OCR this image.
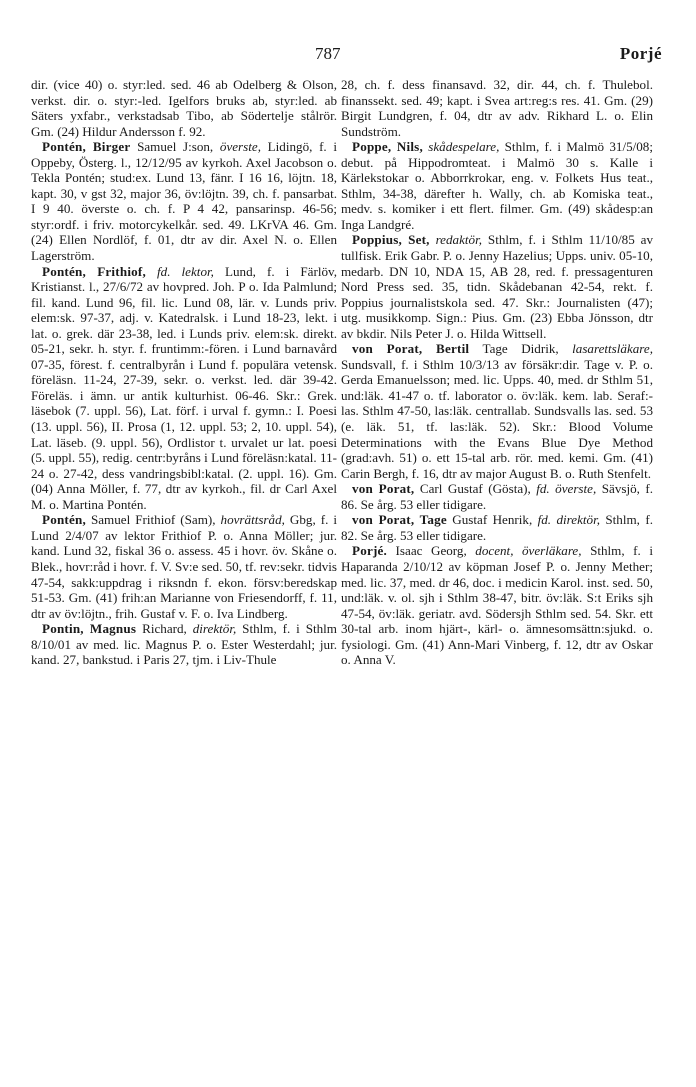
787	Porjé

dir. (vice 40) o. styr:led. sed. 46 ab Odelberg & Olson, verkst. dir. o. styr:-led. Igelfors bruks ab, styr:led. ab Säters yxfabr., verkstadsab Tibo, ab Södertelje stålrör. Gm. (24) Hildur Andersson f. 92.

Pontén, Birger Samuel J:son, överste, Lidingö, f. i Oppeby, Österg. l., 12/12/95 av kyrkoh. Axel Jacobson o. Tekla Pontén; stud:ex. Lund 13, fänr. I 16 16, löjtn. 18, kapt. 30, v gst 32, major 36, öv:löjtn. 39, ch. f. pansarbat. I 9 40. överste o. ch. f. P 4 42, pansarinsp. 46-56; styr:ordf. i friv. motorcykelkår. sed. 49. LKrVA 46. Gm. (24) Ellen Nordlöf, f. 01, dtr av dir. Axel N. o. Ellen Lagerström.

Pontén, Frithiof, fd. lektor, Lund, f. i Färlöv, Kristianst. l., 27/6/72 av hovpred. Joh. P o. Ida Palmlund; fil. kand. Lund 96, fil. lic. Lund 08, lär. v. Lunds priv. elem:sk. 97-37, adj. v. Katedralsk. i Lund 18-23, lekt. i lat. o. grek. där 23-38, led. i Lunds priv. elem:sk. direkt. 05-21, sekr. h. styr. f. fruntimm:-fören. i Lund barnavård 07-35, förest. f. centralbyrån i Lund f. populära vetensk. föreläsn. 11-24, 27-39, sekr. o. verkst. led. där 39-42. Föreläs. i ämn. ur antik kulturhist. 06-46. Skr.: Grek. läsebok (7. uppl. 56), Lat. förf. i urval f. gymn.: I. Poesi (13. uppl. 56), II. Prosa (1, 12. uppl. 53; 2, 10. uppl. 54), Lat. läseb. (9. uppl. 56), Ordlistor t. urvalet ur lat. poesi (5. uppl. 55), redig. centr:byråns i Lund föreläsn:katal. 11-24 o. 27-42, dess vandringsbibl:katal. (2. uppl. 16). Gm. (04) Anna Möller, f. 77, dtr av kyrkoh., fil. dr Carl Axel M. o. Martina Pontén.

Pontén, Samuel Frithiof (Sam), hovrättsråd, Gbg, f. i Lund 2/4/07 av lektor Frithiof P. o. Anna Möller; jur. kand. Lund 32, fiskal 36 o. assess. 45 i hovr. öv. Skåne o. Blek., hovr:råd i hovr. f. V. Sv:e sed. 50, tf. rev:sekr. tidvis 47-54, sakk:uppdrag i riksndn f. ekon. försv:beredskap 51-53. Gm. (41) frih:an Marianne von Friesendorff, f. 11, dtr av öv:löjtn., frih. Gustaf v. F. o. Iva Lindberg.

Pontin, Magnus Richard, direktör, Sthlm, f. i Sthlm 8/10/01 av med. lic. Magnus P. o. Ester Westerdahl; jur. kand. 27, bankstud. i Paris 27, tjm. i Liv-Thule

28, ch. f. dess finansavd. 32, dir. 44, ch. f. Thulebol. finanssekt. sed. 49; kapt. i Svea art:reg:s res. 41. Gm. (29) Birgit Lundgren, f. 04, dtr av adv. Rikhard L. o. Elin Sundström.

Poppe, Nils, skådespelare, Sthlm, f. i Malmö 31/5/08; debut. på Hippodromteat. i Malmö 30 s. Kalle i Kärlekstokar o. Abborrkrokar, eng. v. Folkets Hus teat., Sthlm, 34-38, därefter h. Wally, ch. ab Komiska teat., medv. s. komiker i ett flert. filmer. Gm. (49) skådesp:an Inga Landgré.

Poppius, Set, redaktör, Sthlm, f. i Sthlm 11/10/85 av tullfisk. Erik Gabr. P. o. Jenny Hazelius; Upps. univ. 05-10, medarb. DN 10, NDA 15, AB 28, red. f. pressagenturen Nord Press sed. 35, tidn. Skådebanan 42-54, rekt. f. Poppius journalistskola sed. 47. Skr.: Journalisten (47); utg. musikkomp. Sign.: Pius. Gm. (23) Ebba Jönsson, dtr av bkdir. Nils Peter J. o. Hilda Wittsell.

von Porat, Bertil Tage Didrik, lasarettsläkare, Sundsvall, f. i Sthlm 10/3/13 av försäkr:dir. Tage v. P. o. Gerda Emanuelsson; med. lic. Upps. 40, med. dr Sthlm 51, und:läk. 41-47 o. tf. laborator o. öv:läk. kem. lab. Seraf:-las. Sthlm 47-50, las:läk. centrallab. Sundsvalls las. sed. 53 (e. läk. 51, tf. las:läk. 52). Skr.: Blood Volume Determinations with the Evans Blue Dye Method (grad:avh. 51) o. ett 15-tal arb. rör. med. kemi. Gm. (41) Carin Bergh, f. 16, dtr av major August B. o. Ruth Stenfelt.

von Porat, Carl Gustaf (Gösta), fd. överste, Sävsjö, f. 86. Se årg. 53 eller tidigare.

von Porat, Tage Gustaf Henrik, fd. direktör, Sthlm, f. 82. Se årg. 53 eller tidigare.

Porjé. Isaac Georg, docent, överläkare, Sthlm, f. i Haparanda 2/10/12 av köpman Josef P. o. Jenny Mether; med. lic. 37, med. dr 46, doc. i medicin Karol. inst. sed. 50, und:läk. v. ol. sjh i Sthlm 38-47, bitr. öv:läk. S:t Eriks sjh 47-54, öv:läk. geriatr. avd. Södersjh Sthlm sed. 54. Skr. ett 30-tal arb. inom hjärt-, kärl- o. ämnesomsättn:sjukd. o. fysiologi. Gm. (41) Ann-Mari Vinberg, f. 12, dtr av Oskar o. Anna V.
